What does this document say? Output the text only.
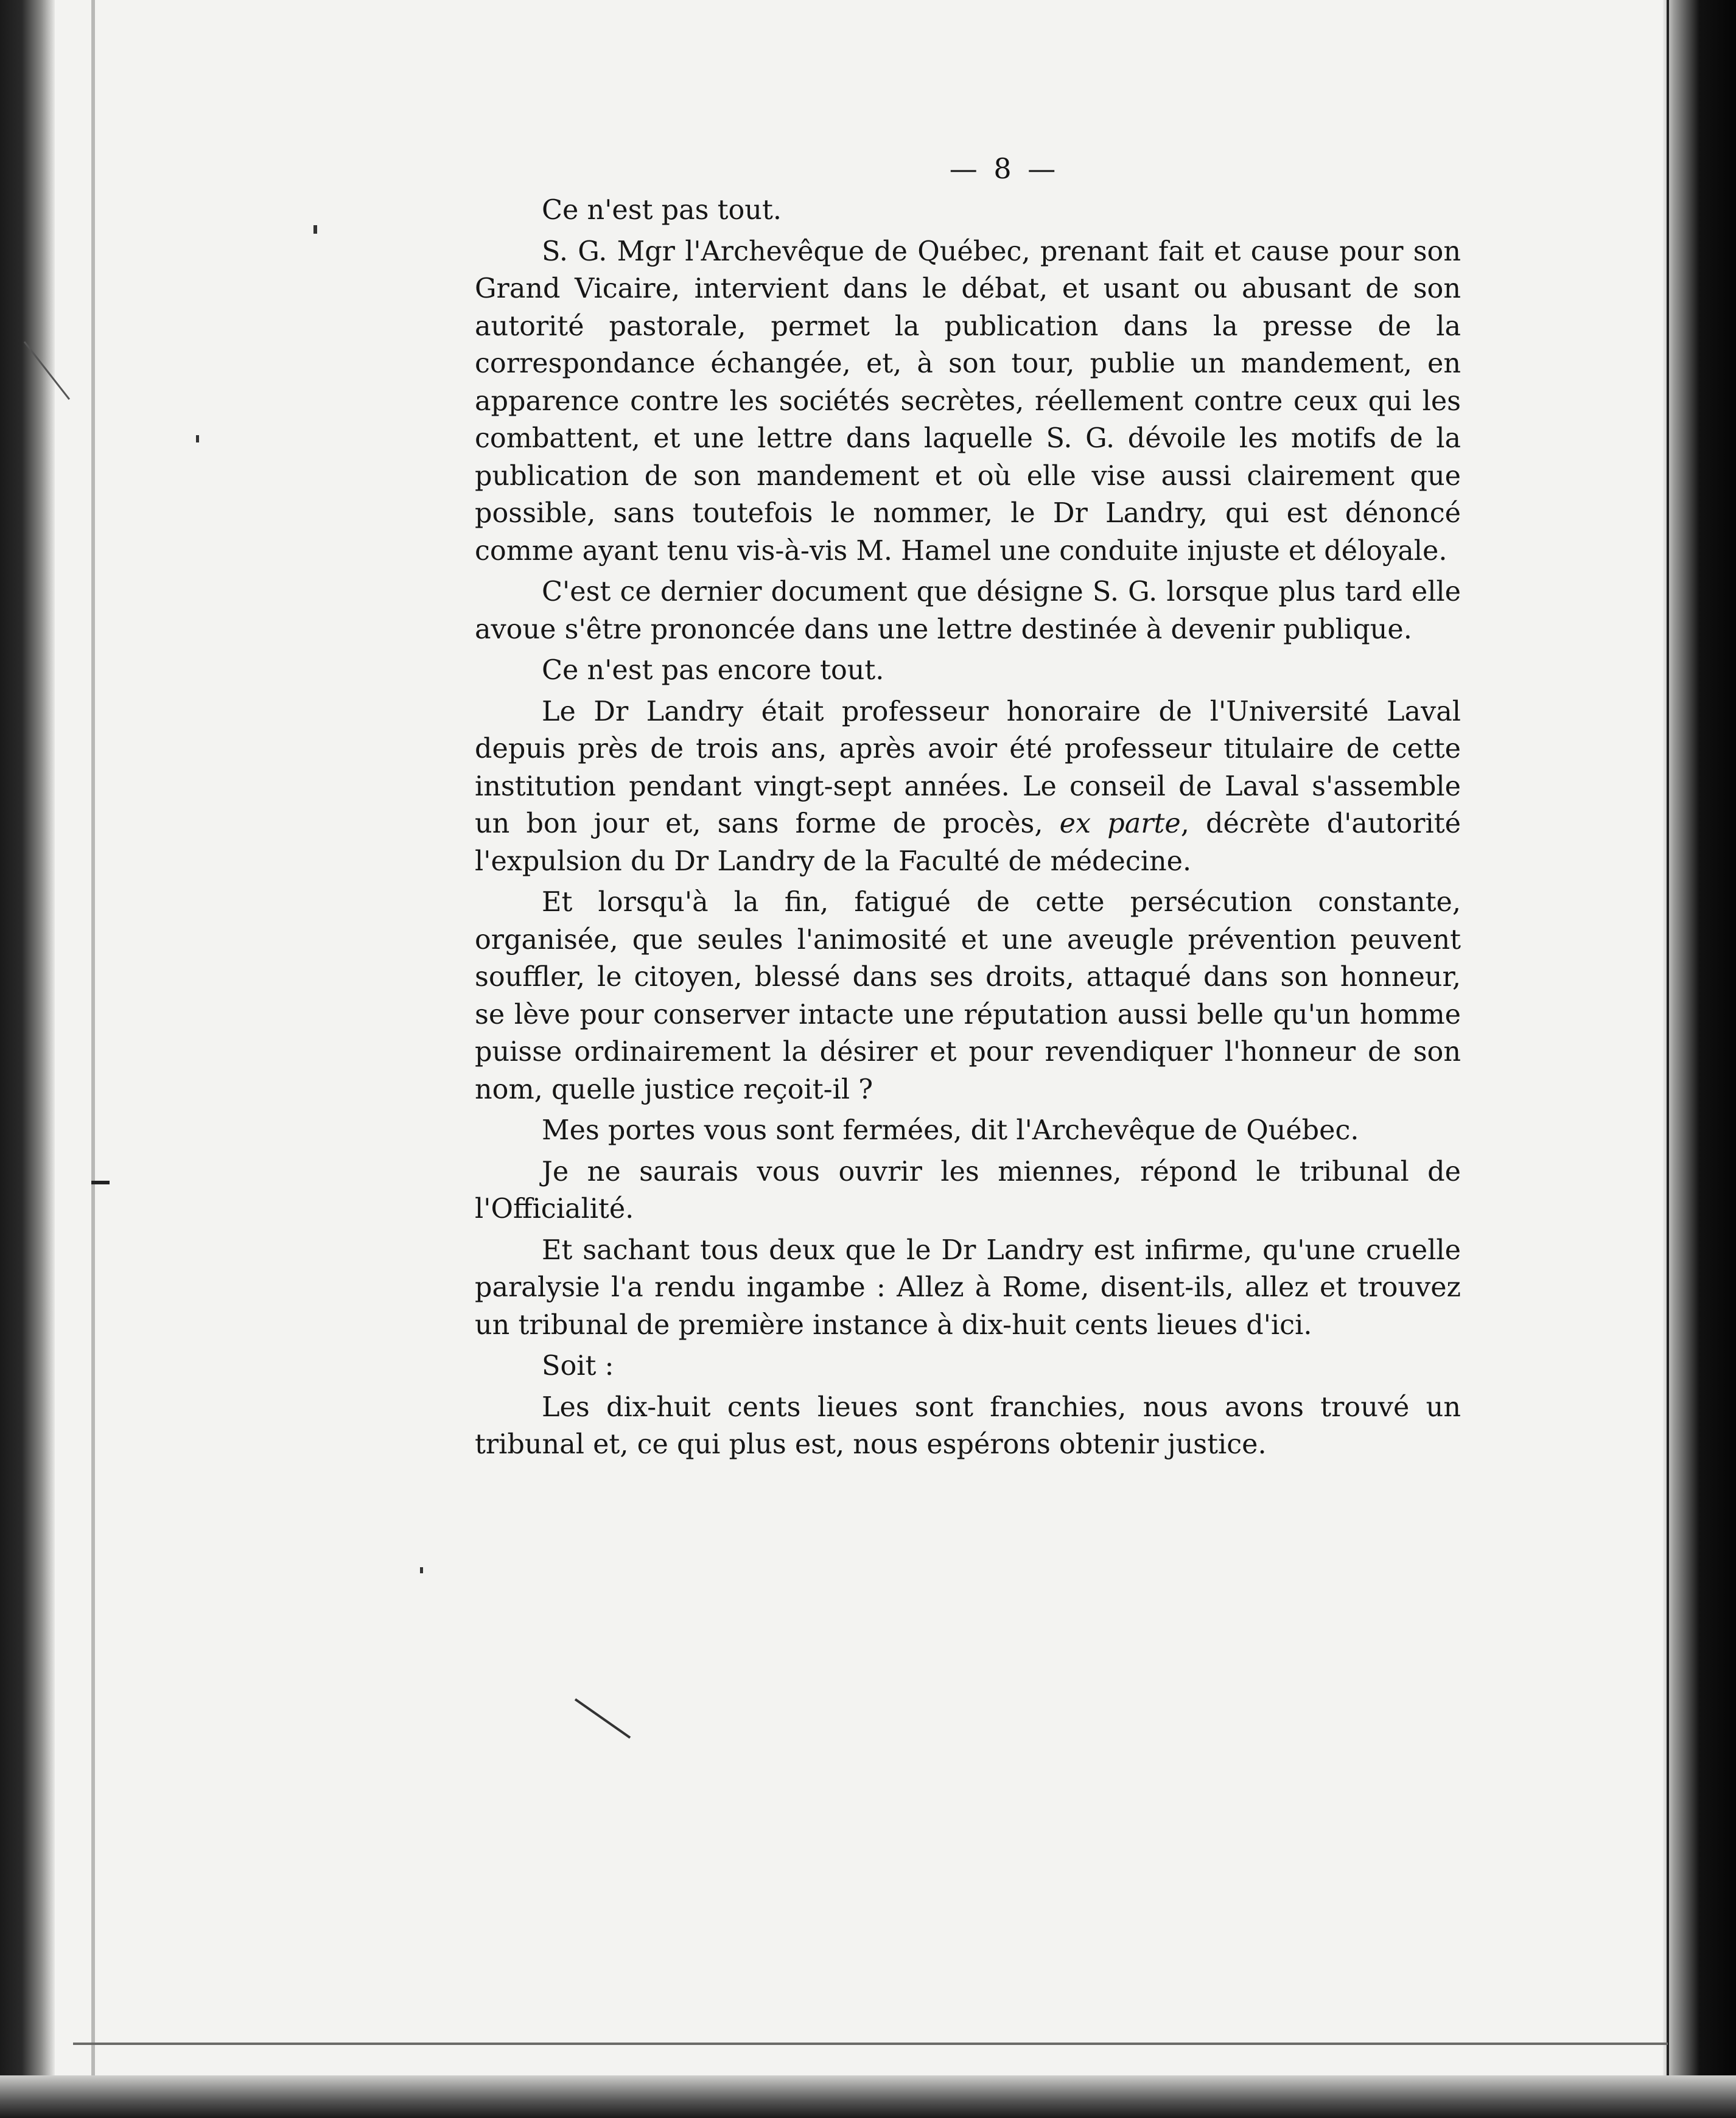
— 8 —

Ce n'est pas tout.

S. G. Mgr l'Archevêque de Québec, prenant fait et cause pour son Grand Vicaire, intervient dans le débat, et usant ou abusant de son autorité pastorale, permet la publication dans la presse de la correspondance échangée, et, à son tour, publie un mandement, en apparence contre les sociétés secrètes, réellement contre ceux qui les combattent, et une lettre dans laquelle S. G. dévoile les motifs de la publication de son mandement et où elle vise aussi clairement que possible, sans toutefois le nommer, le Dr Landry, qui est dénoncé comme ayant tenu vis-à-vis M. Hamel une conduite injuste et déloyale.

C'est ce dernier document que désigne S. G. lorsque plus tard elle avoue s'être prononcée dans une lettre destinée à devenir publique.

Ce n'est pas encore tout.

Le Dr Landry était professeur honoraire de l'Université Laval depuis près de trois ans, après avoir été professeur titulaire de cette institution pendant vingt-sept années. Le conseil de Laval s'assemble un bon jour et, sans forme de procès, ex parte, décrète d'autorité l'expulsion du Dr Landry de la Faculté de médecine.

Et lorsqu'à la fin, fatigué de cette persécution constante, organisée, que seules l'animosité et une aveugle prévention peuvent souffler, le citoyen, blessé dans ses droits, attaqué dans son honneur, se lève pour conserver intacte une réputation aussi belle qu'un homme puisse ordinairement la désirer et pour revendiquer l'honneur de son nom, quelle justice reçoit-il ?

Mes portes vous sont fermées, dit l'Archevêque de Québec.

Je ne saurais vous ouvrir les miennes, répond le tribunal de l'Officialité.

Et sachant tous deux que le Dr Landry est infirme, qu'une cruelle paralysie l'a rendu ingambe : Allez à Rome, disent-ils, allez et trouvez un tribunal de première instance à dix-huit cents lieues d'ici.

Soit :

Les dix-huit cents lieues sont franchies, nous avons trouvé un tribunal et, ce qui plus est, nous espérons obtenir justice.
